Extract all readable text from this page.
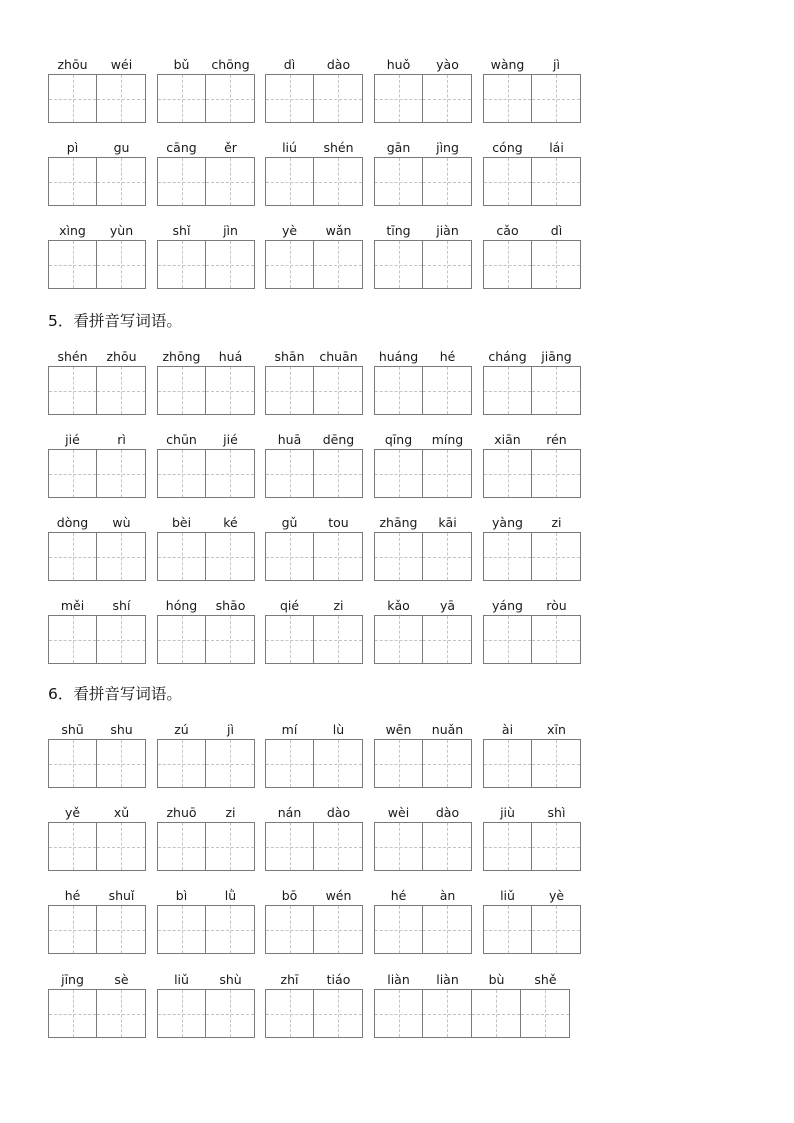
zhōu	wéi	bǔ	chōng	dì	dào	huǒ	yào	wàng	jì
pì	gu	cāng	ěr	liú	shén	gān	jìng	cóng	lái
xìng	yùn	shǐ	jìn	yè	wǎn	tīng	jiàn	cǎo	dì
5．看拼音写词语。
shén	zhōu	zhōng	huá	shān	chuān	huáng	hé	cháng	jiāng
jié	rì	chūn	jié	huā	dēng	qīng	míng	xiān	rén
dòng	wù	bèi	ké	gǔ	tou	zhāng	kāi	yàng	zi
měi	shí	hóng	shāo	qié	zi	kǎo	yā	yáng	ròu
6．看拼音写词语。
shū	shu	zú	jì	mí	lù	wēn	nuǎn	ài	xīn
yě	xǔ	zhuō	zi	nán	dào	wèi	dào	jiù	shì
hé	shuǐ	bì	lǜ	bō	wén	hé	àn	liǔ	yè
jīng	sè	liǔ	shù	zhī	tiáo	liàn	liàn	bù	shě
